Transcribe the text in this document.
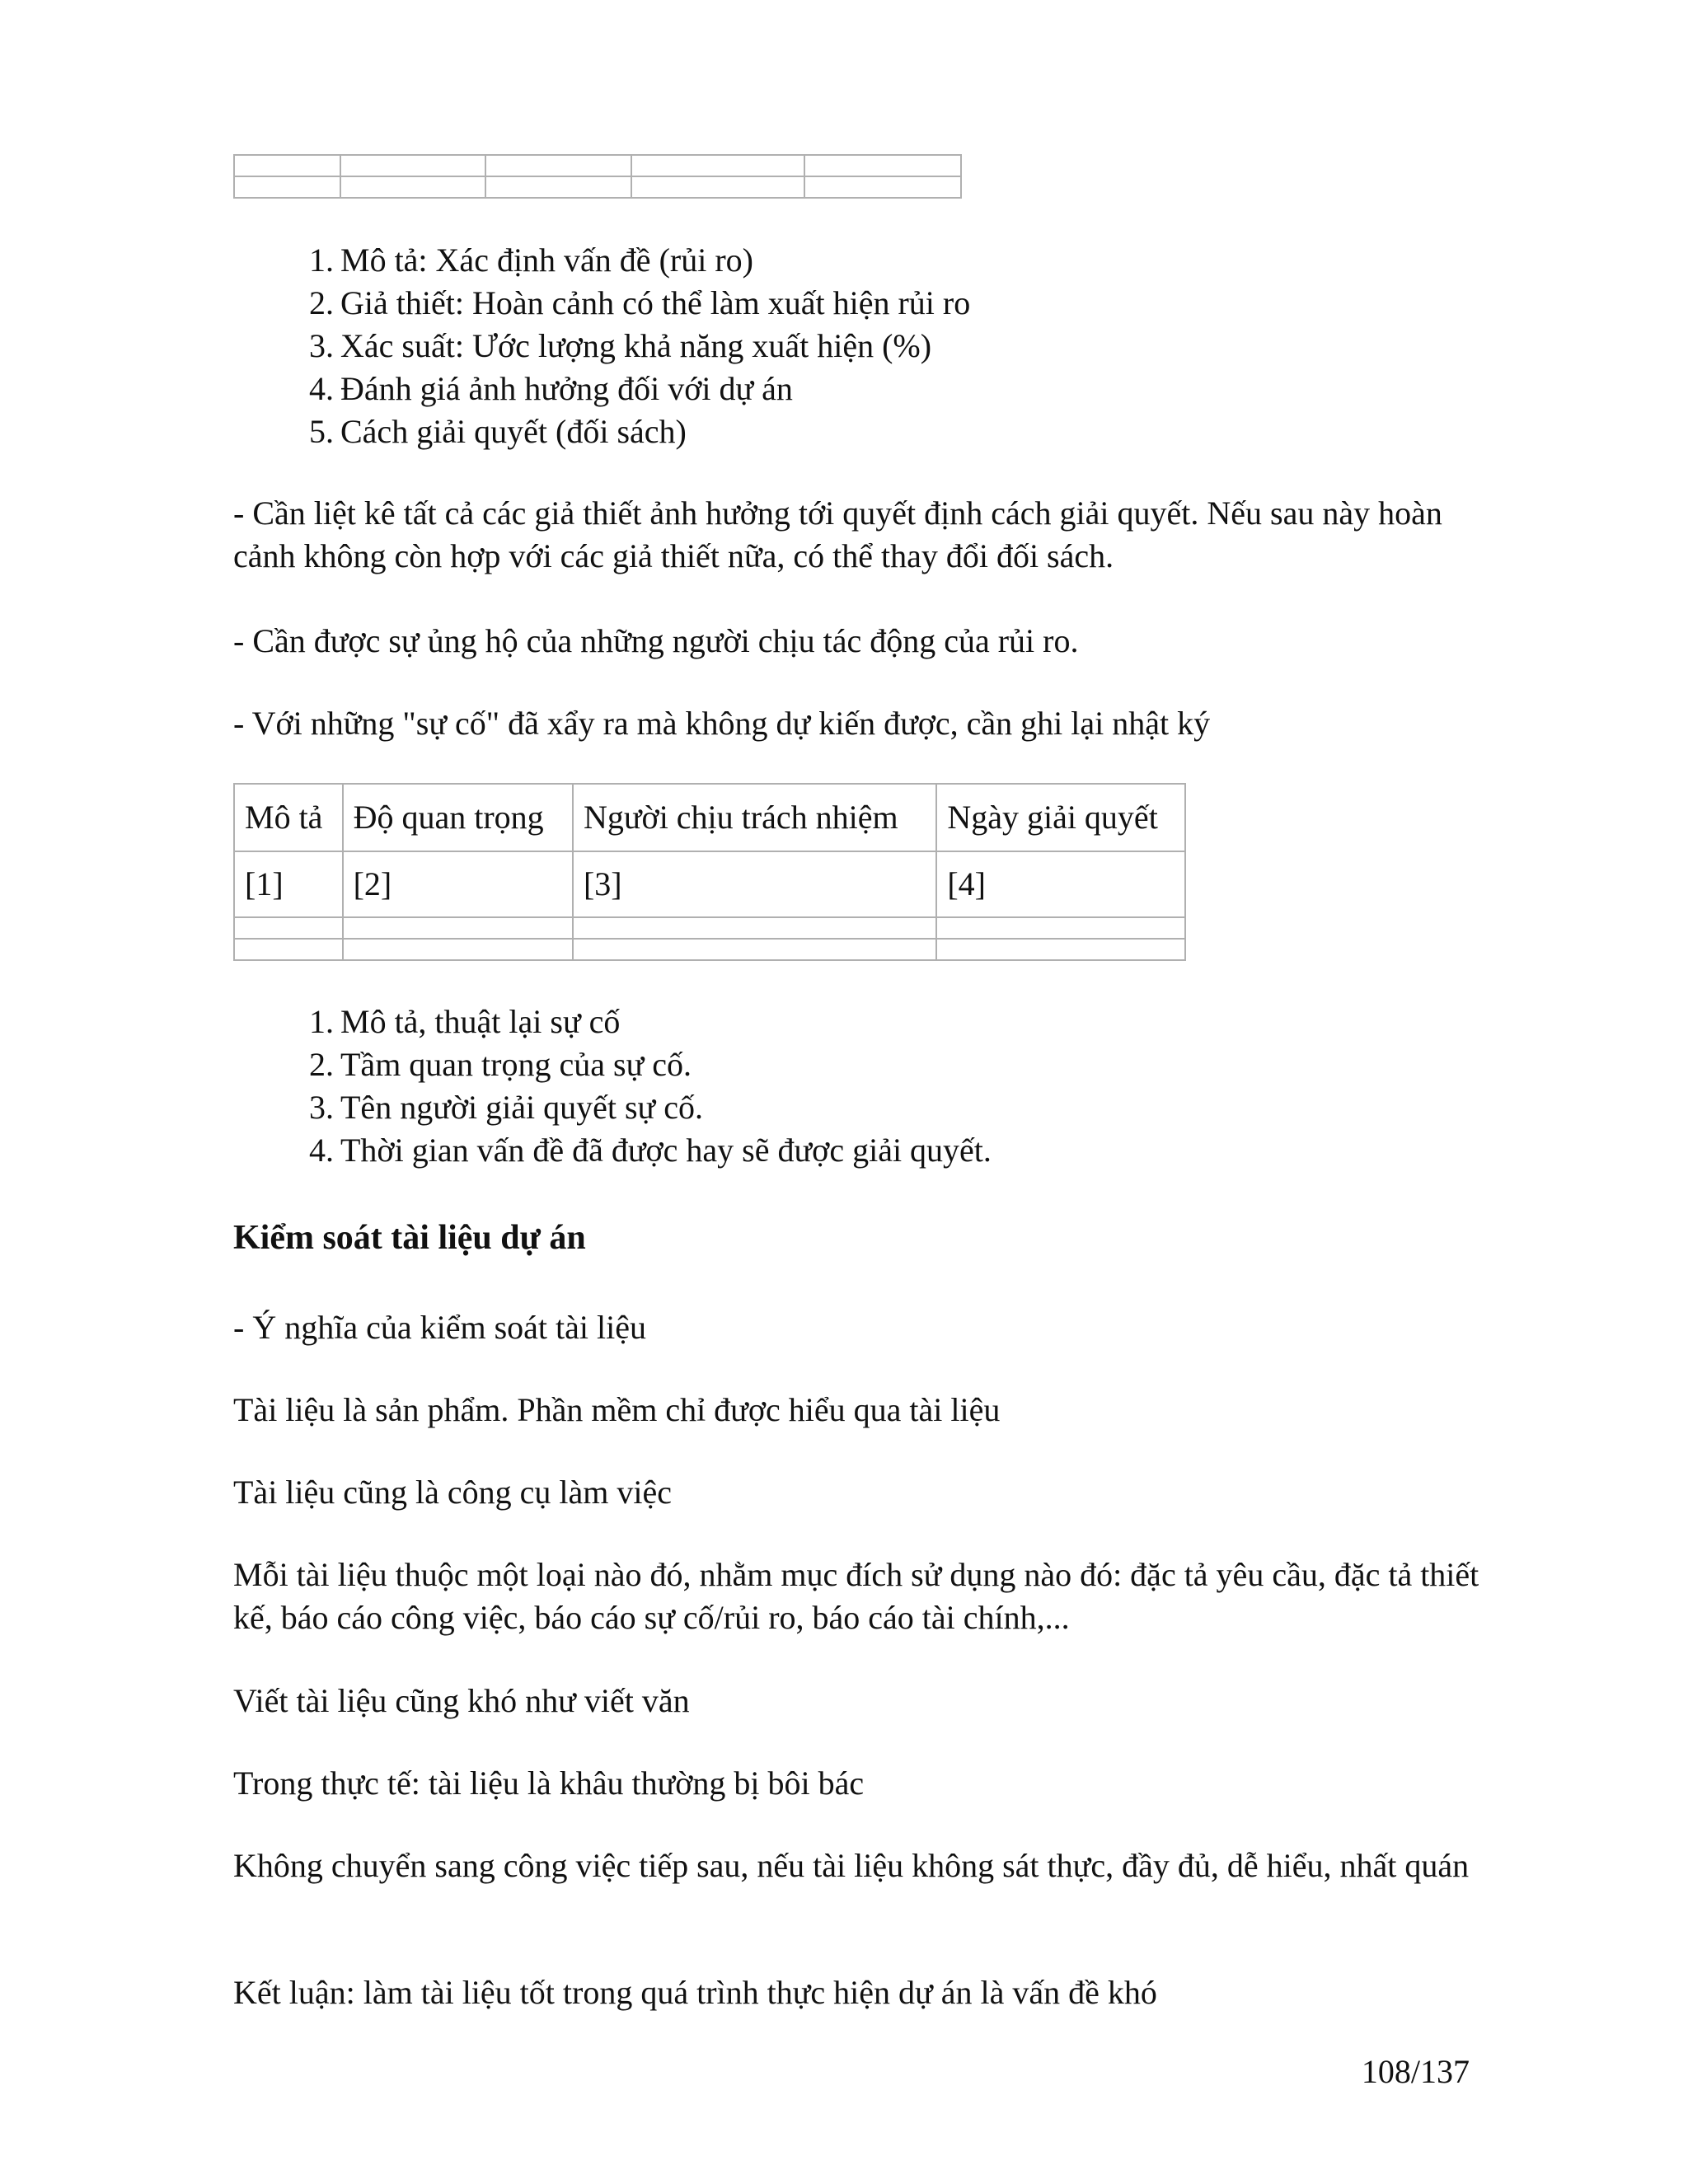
1. Mô tả: Xác định vấn đề (rủi ro)
2. Giả thiết: Hoàn cảnh có thể làm xuất hiện rủi ro
3. Xác suất: Ước lượng khả năng xuất hiện (%)
4. Đánh giá ảnh hưởng đối với dự án
5. Cách giải quyết (đối sách)

- Cần liệt kê tất cả các giả thiết ảnh hưởng tới quyết định cách giải quyết. Nếu sau này hoàn cảnh không còn hợp với các giả thiết nữa, có thể thay đổi đối sách.

- Cần được sự ủng hộ của những người chịu tác động của rủi ro.

- Với những "sự cố" đã xẩy ra mà không dự kiến được, cần ghi lại nhật ký

Mô tả	Độ quan trọng	Người chịu trách nhiệm	Ngày giải quyết
[1]	[2]	[3]	[4]

1. Mô tả, thuật lại sự cố
2. Tầm quan trọng của sự cố.
3. Tên người giải quyết sự cố.
4. Thời gian vấn đề đã được hay sẽ được giải quyết.
Kiểm soát tài liệu dự án

- Ý nghĩa của kiểm soát tài liệu

Tài liệu là sản phẩm. Phần mềm chỉ được hiểu qua tài liệu

Tài liệu cũng là công cụ làm việc

Mỗi tài liệu thuộc một loại nào đó, nhằm mục đích sử dụng nào đó: đặc tả yêu cầu, đặc tả thiết kế, báo cáo công việc, báo cáo sự cố/rủi ro, báo cáo tài chính,...

Viết tài liệu cũng khó như viết văn

Trong thực tế: tài liệu là khâu thường bị bôi bác

Không chuyển sang công việc tiếp sau, nếu tài liệu không sát thực, đầy đủ, dễ hiểu, nhất quán

Kết luận: làm tài liệu tốt trong quá trình thực hiện dự án là vấn đề khó

108/137
